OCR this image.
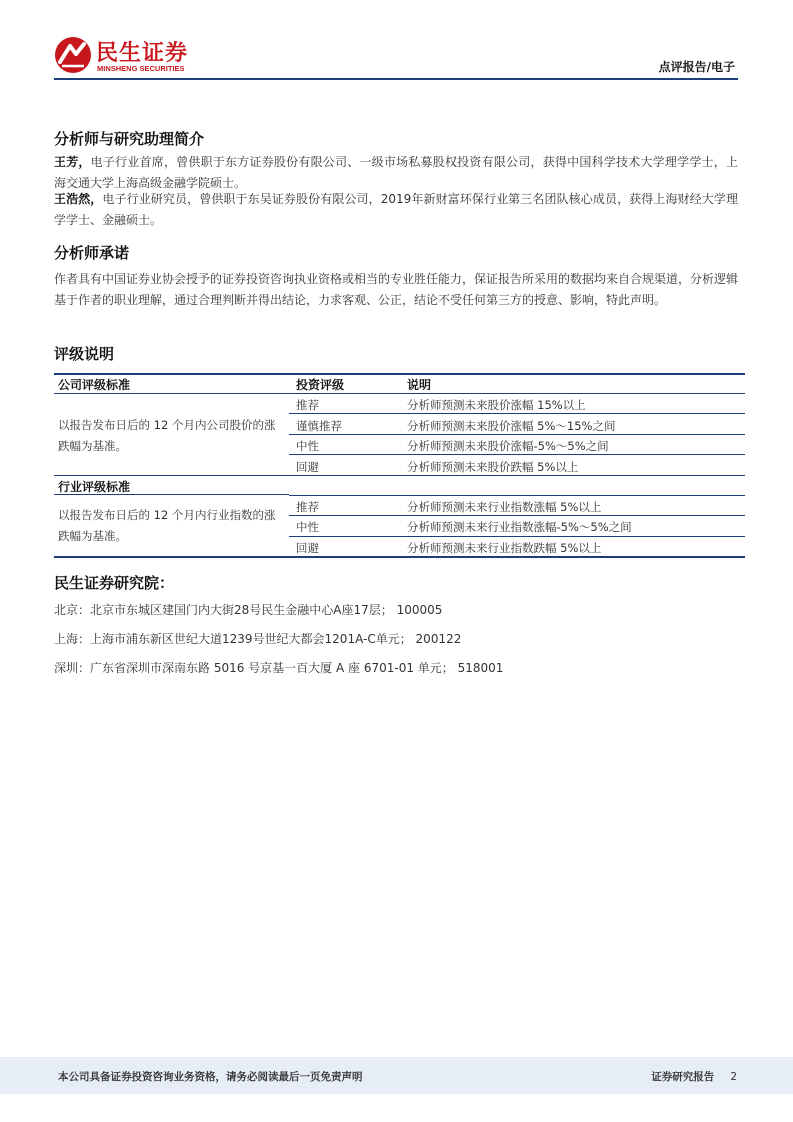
民生证券
MINSHENG SECURITIES	点评报告/电子
分析师与研究助理简介

王芳，电子行业首席，曾供职于东方证券股份有限公司、一级市场私募股权投资有限公司，获得中国科学技术大学理学学士，上海交通大学上海高级金融学院硕士。

王浩然，电子行业研究员，曾供职于东吴证券股份有限公司，2019年新财富环保行业第三名团队核心成员，获得上海财经大学理学学士、金融硕士。

分析师承诺

作者具有中国证券业协会授予的证券投资咨询执业资格或相当的专业胜任能力，保证报告所采用的数据均来自合规渠道，分析逻辑基于作者的职业理解，通过合理判断并得出结论，力求客观、公正，结论不受任何第三方的授意、影响，特此声明。

评级说明
公司评级标准	投资评级	说明
以报告发布日后的 12 个月内公司股价的涨跌幅为基准。
推荐	分析师预测未来股价涨幅 15%以上
谨慎推荐	分析师预测未来股价涨幅 5%～15%之间
中性	分析师预测未来股价涨幅-5%～5%之间
回避	分析师预测未来股价跌幅 5%以上
行业评级标准
以报告发布日后的 12 个月内行业指数的涨跌幅为基准。
推荐	分析师预测未来行业指数涨幅 5%以上
中性	分析师预测未来行业指数涨幅-5%～5%之间
回避	分析师预测未来行业指数跌幅 5%以上
民生证券研究院：
北京：北京市东城区建国门内大街28号民生金融中心A座17层； 100005
上海：上海市浦东新区世纪大道1239号世纪大都会1201A-C单元； 200122
深圳：广东省深圳市深南东路 5016 号京基一百大厦 A 座 6701-01 单元； 518001
本公司具备证券投资咨询业务资格，请务必阅读最后一页免责声明	证券研究报告 2
